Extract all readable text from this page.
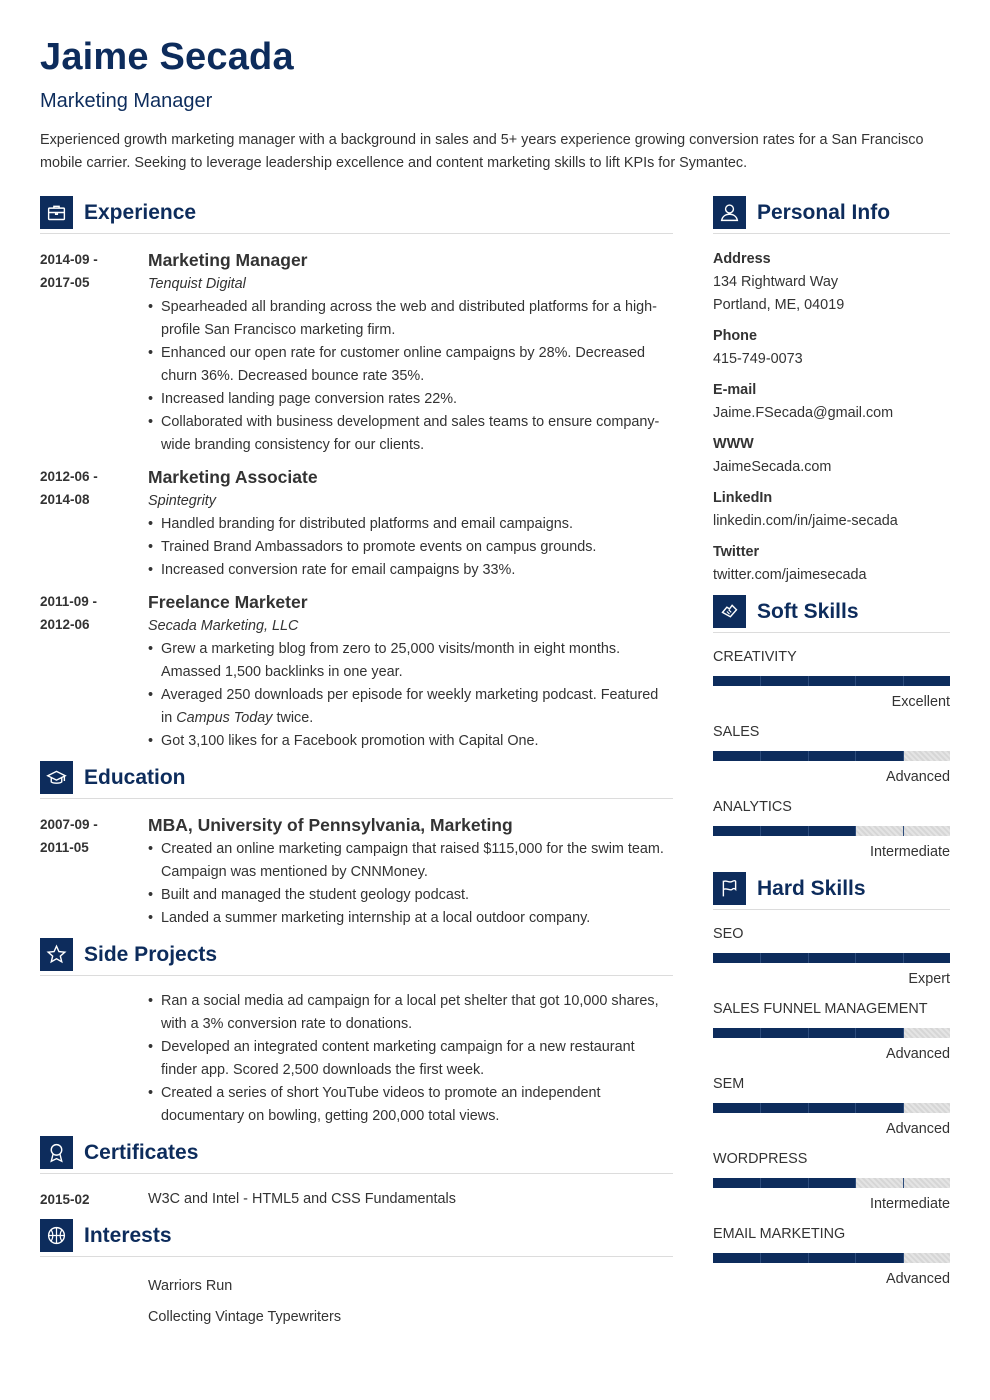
Jaime Secada
Marketing Manager

Experienced growth marketing manager with a background in sales and 5+ years experience growing conversion rates for a San Francisco mobile carrier. Seeking to leverage leadership excellence and content marketing skills to lift KPIs for Symantec.

Experience
2014-09 -
2017-05
Marketing Manager
Tenquist Digital
• Spearheaded all branding across the web and distributed platforms for a high-profile San Francisco marketing firm.
• Enhanced our open rate for customer online campaigns by 28%. Decreased churn 36%. Decreased bounce rate 35%.
• Increased landing page conversion rates 22%.
• Collaborated with business development and sales teams to ensure company-wide branding consistency for our clients.
2012-06 -
2014-08
Marketing Associate
Spintegrity
• Handled branding for distributed platforms and email campaigns.
• Trained Brand Ambassadors to promote events on campus grounds.
• Increased conversion rate for email campaigns by 33%.
2011-09 -
2012-06
Freelance Marketer
Secada Marketing, LLC
• Grew a marketing blog from zero to 25,000 visits/month in eight months. Amassed 1,500 backlinks in one year.
• Averaged 250 downloads per episode for weekly marketing podcast. Featured in Campus Today twice.
• Got 3,100 likes for a Facebook promotion with Capital One.
Education
2007-09 -
2011-05
MBA, University of Pennsylvania, Marketing
• Created an online marketing campaign that raised $115,000 for the swim team. Campaign was mentioned by CNNMoney.
• Built and managed the student geology podcast.
• Landed a summer marketing internship at a local outdoor company.
Side Projects
• Ran a social media ad campaign for a local pet shelter that got 10,000 shares, with a 3% conversion rate to donations.
• Developed an integrated content marketing campaign for a new restaurant finder app. Scored 2,500 downloads the first week.
• Created a series of short YouTube videos to promote an independent documentary on bowling, getting 200,000 total views.
Certificates
2015-02	W3C and Intel - HTML5 and CSS Fundamentals
Interests
Warriors Run
Collecting Vintage Typewriters
Personal Info
Address
134 Rightward Way
Portland, ME, 04019
Phone
415-749-0073
E-mail
Jaime.FSecada@gmail.com
WWW
JaimeSecada.com
LinkedIn
linkedin.com/in/jaime-secada
Twitter
twitter.com/jaimesecada
Soft Skills
CREATIVITY
Excellent
SALES
Advanced
ANALYTICS
Intermediate
Hard Skills
SEO
Expert
SALES FUNNEL MANAGEMENT
Advanced
SEM
Advanced
WORDPRESS
Intermediate
EMAIL MARKETING
Advanced
